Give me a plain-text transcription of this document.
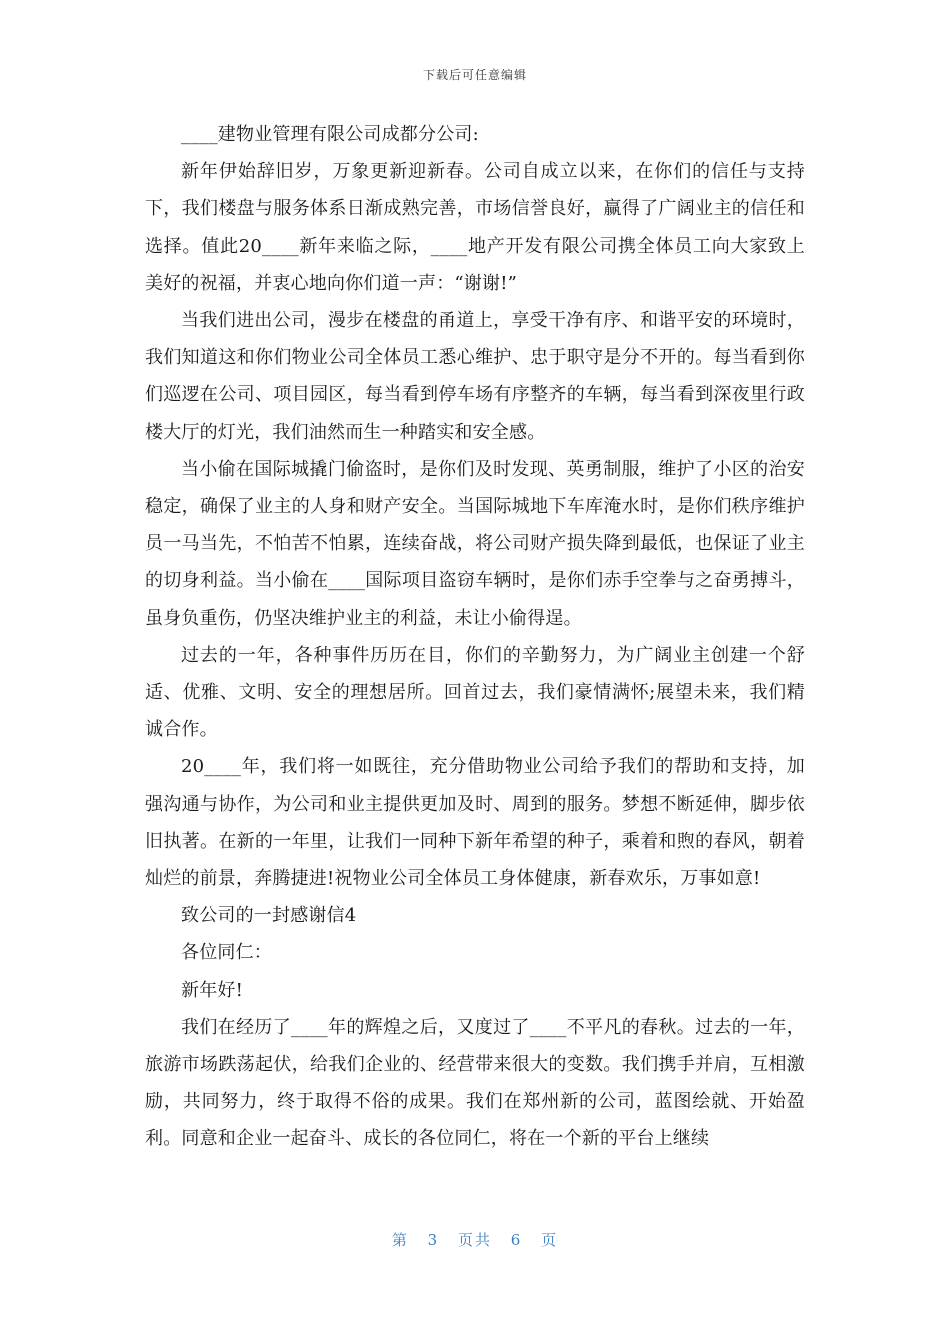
下载后可任意编辑

____建物业管理有限公司成都分公司:

新年伊始辞旧岁，万象更新迎新春。公司自成立以来，在你们的信任与支持下，我们楼盘与服务体系日渐成熟完善，市场信誉良好，赢得了广阔业主的信任和选择。值此20____新年来临之际，____地产开发有限公司携全体员工向大家致上美好的祝福，并衷心地向你们道一声：“谢谢!”

当我们进出公司，漫步在楼盘的甬道上，享受干净有序、和谐平安的环境时，我们知道这和你们物业公司全体员工悉心维护、忠于职守是分不开的。每当看到你们巡逻在公司、项目园区，每当看到停车场有序整齐的车辆，每当看到深夜里行政楼大厅的灯光，我们油然而生一种踏实和安全感。

当小偷在国际城撬门偷盗时，是你们及时发现、英勇制服，维护了小区的治安稳定，确保了业主的人身和财产安全。当国际城地下车库淹水时，是你们秩序维护员一马当先，不怕苦不怕累，连续奋战，将公司财产损失降到最低，也保证了业主的切身利益。当小偷在____国际项目盗窃车辆时，是你们赤手空拳与之奋勇搏斗，虽身负重伤，仍坚决维护业主的利益，未让小偷得逞。

过去的一年，各种事件历历在目，你们的辛勤努力，为广阔业主创建一个舒适、优雅、文明、安全的理想居所。回首过去，我们豪情满怀;展望未来，我们精诚合作。

20____年，我们将一如既往，充分借助物业公司给予我们的帮助和支持，加强沟通与协作，为公司和业主提供更加及时、周到的服务。梦想不断延伸，脚步依旧执著。在新的一年里，让我们一同种下新年希望的种子，乘着和煦的春风，朝着灿烂的前景，奔腾捷进!祝物业公司全体员工身体健康，新春欢乐，万事如意!

致公司的一封感谢信4

各位同仁：

新年好!

我们在经历了____年的辉煌之后，又度过了____不平凡的春秋。过去的一年，旅游市场跌荡起伏，给我们企业的、经营带来很大的变数。我们携手并肩，互相激励，共同努力，终于取得不俗的成果。我们在郑州新的公司，蓝图绘就、开始盈利。同意和企业一起奋斗、成长的各位同仁，将在一个新的平台上继续

第 3 页共 6 页
